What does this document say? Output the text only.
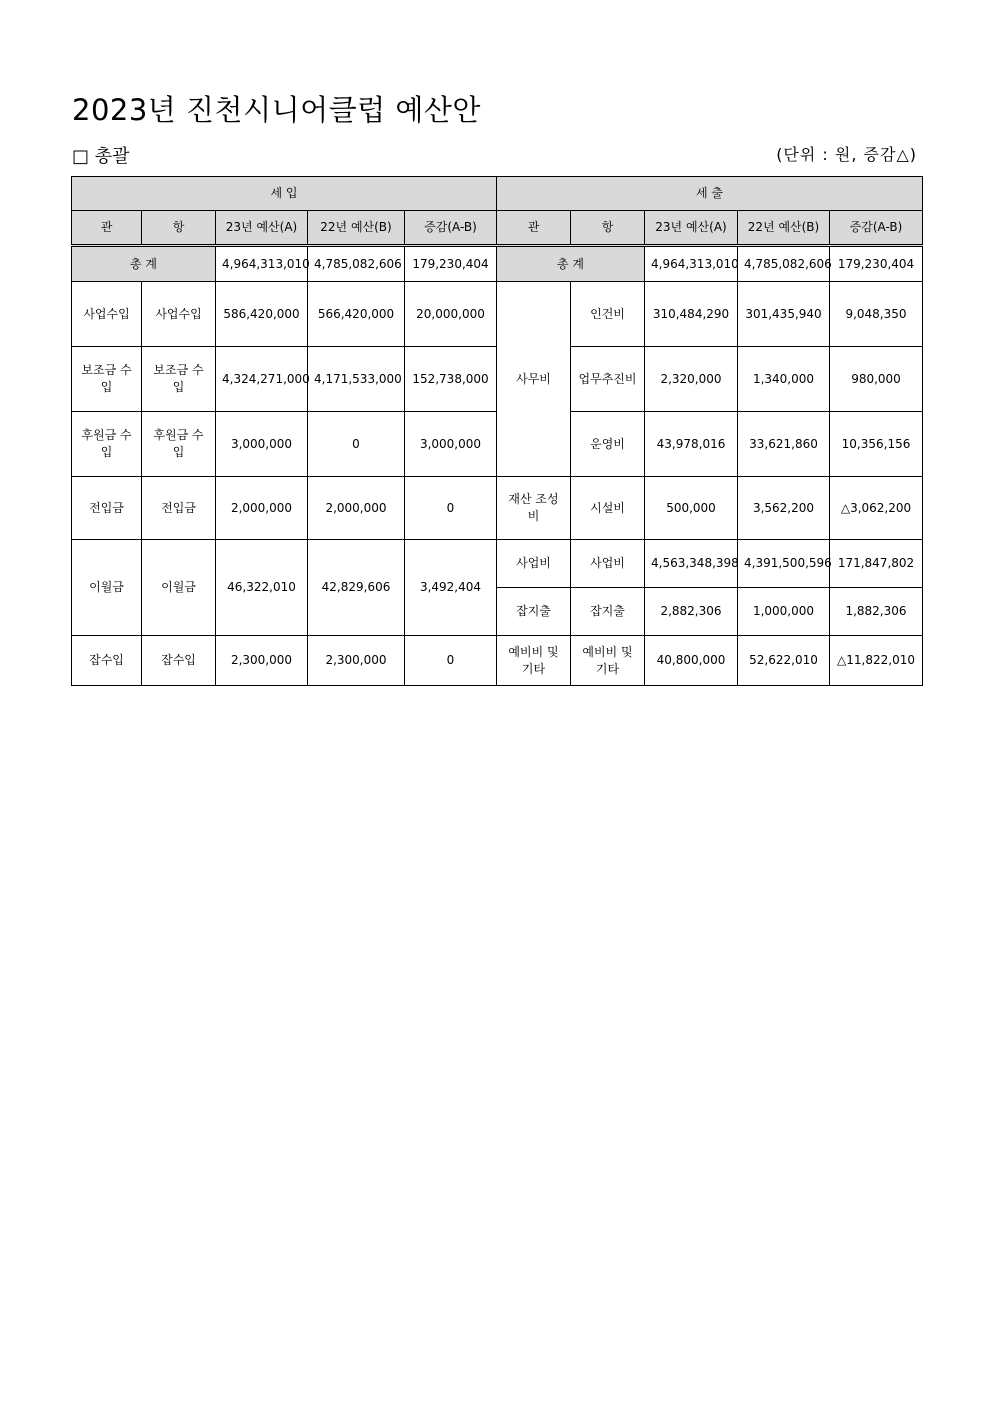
2023년 진천시니어클럽 예산안
□ 총괄	(단위 : 원, 증감△)
세 입					세 출				
관	항	23년 예산(A)	22년 예산(B)	증감(A-B)	관	항	23년 예산(A)	22년 예산(B)	증감(A-B)
총 계		4,964,313,010	4,785,082,606	179,230,404	총 계		4,964,313,010	4,785,082,606	179,230,404
사업수입	사업수입	586,420,000	566,420,000	20,000,000	사무비	인건비	310,484,290	301,435,940	9,048,350
보조금 수입	보조금 수입	4,324,271,000	4,171,533,000	152,738,000		업무추진비	2,320,000	1,340,000	980,000
후원금 수입	후원금 수입	3,000,000	0	3,000,000		운영비	43,978,016	33,621,860	10,356,156
전입금	전입금	2,000,000	2,000,000	0	재산 조성비	시설비	500,000	3,562,200	△3,062,200
이월금	이월금	46,322,010	42,829,606	3,492,404	사업비	사업비	4,563,348,398	4,391,500,596	171,847,802
					잡지출	잡지출	2,882,306	1,000,000	1,882,306
잡수입	잡수입	2,300,000	2,300,000	0	예비비 및 기타	예비비 및 기타	40,800,000	52,622,010	△11,822,010
